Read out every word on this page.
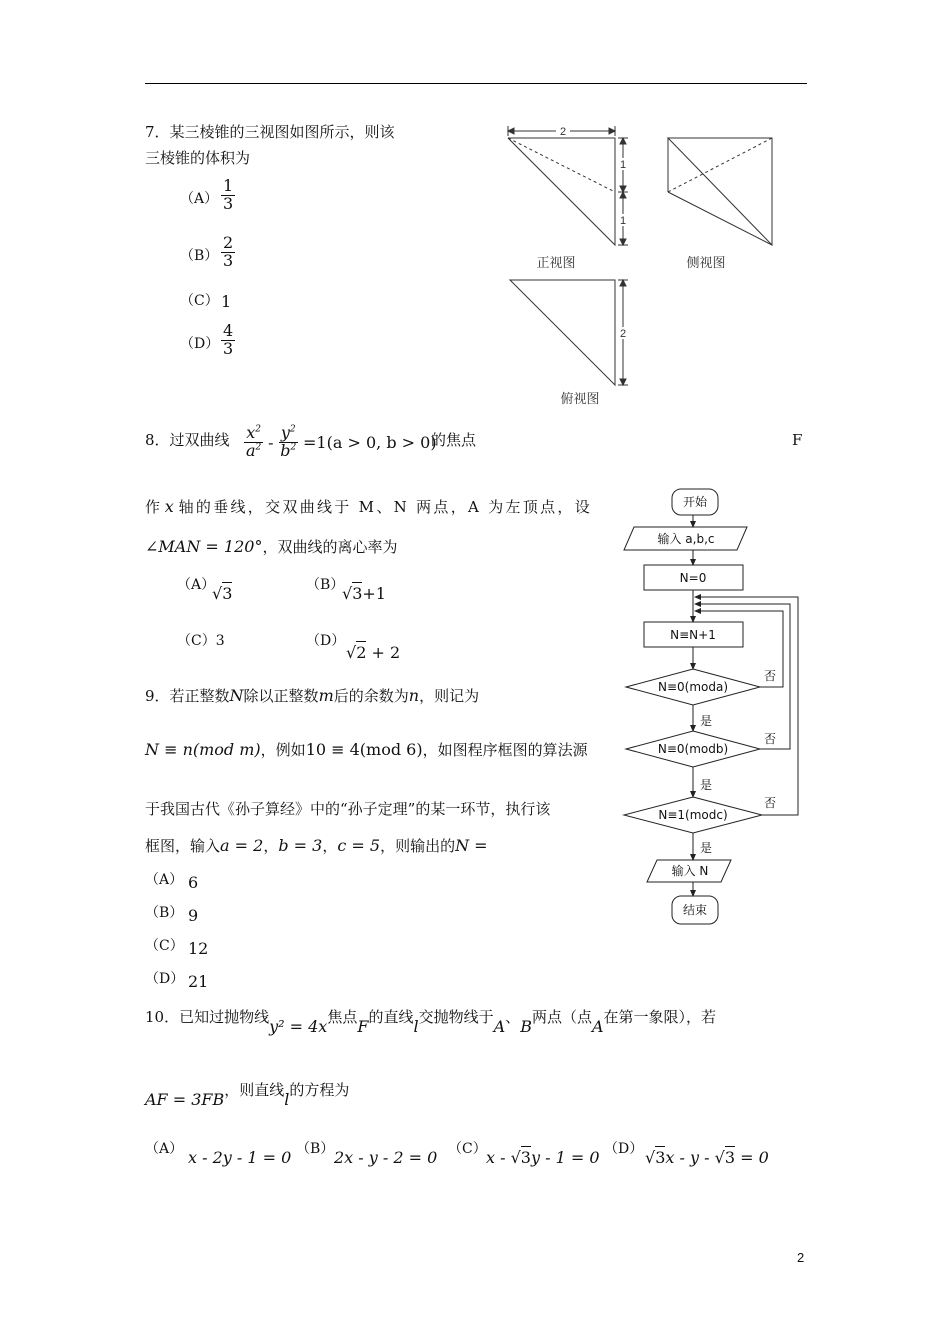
7．某三棱锥的三视图如图所示，则该
三棱锥的体积为
$(A) \frac{1}{3}$
$(B) \frac{2}{3}$
（C） 1
$(D) \frac{4}{3}$
2
1
1
正视图	侧视图
2
俯视图
8．过双曲线 $\frac{x^2}{a^2} - \frac{y^2}{b^2} =1(a > 0$, b > 0)
的焦点	F
作 x 轴的垂线，交双曲线于 M、N 两点，A 为左顶点，设
∠MAN = 120°，双曲线的离心率为
（A）
√3	（B）
√3+1
（C）3	（D）
√2 + 2
9．若正整数N除以正整数m后的余数为n，则记为
N ≡ n(mod m)，例如10 ≡ 4(mod 6)，如图程序框图的算法源
于我国古代《孙子算经》中的“孙子定理”的某一环节，执行该
框图，输入a = 2，b = 3，c = 5，则输出的N =
（A） 6
（B） 9
（C） 12
（D） 21
开始
输入 a,b,c
N=0
N≡N+1
N≡0(moda)
N≡0(modb)
N≡1(modc)
输入 N
结束
是
是
是
否
否
否
10．已知过抛物线y² = 4x焦点F的直线l交抛物线于A、B两点（点A在第一象限），若
AF = 3FB，则直线l的方程为
（A） x - 2y - 1 = 0 （B） 2x - y - 2 = 0 （C） x - √3y - 1 = 0 （D） √3x - y - √3 = 0
2
